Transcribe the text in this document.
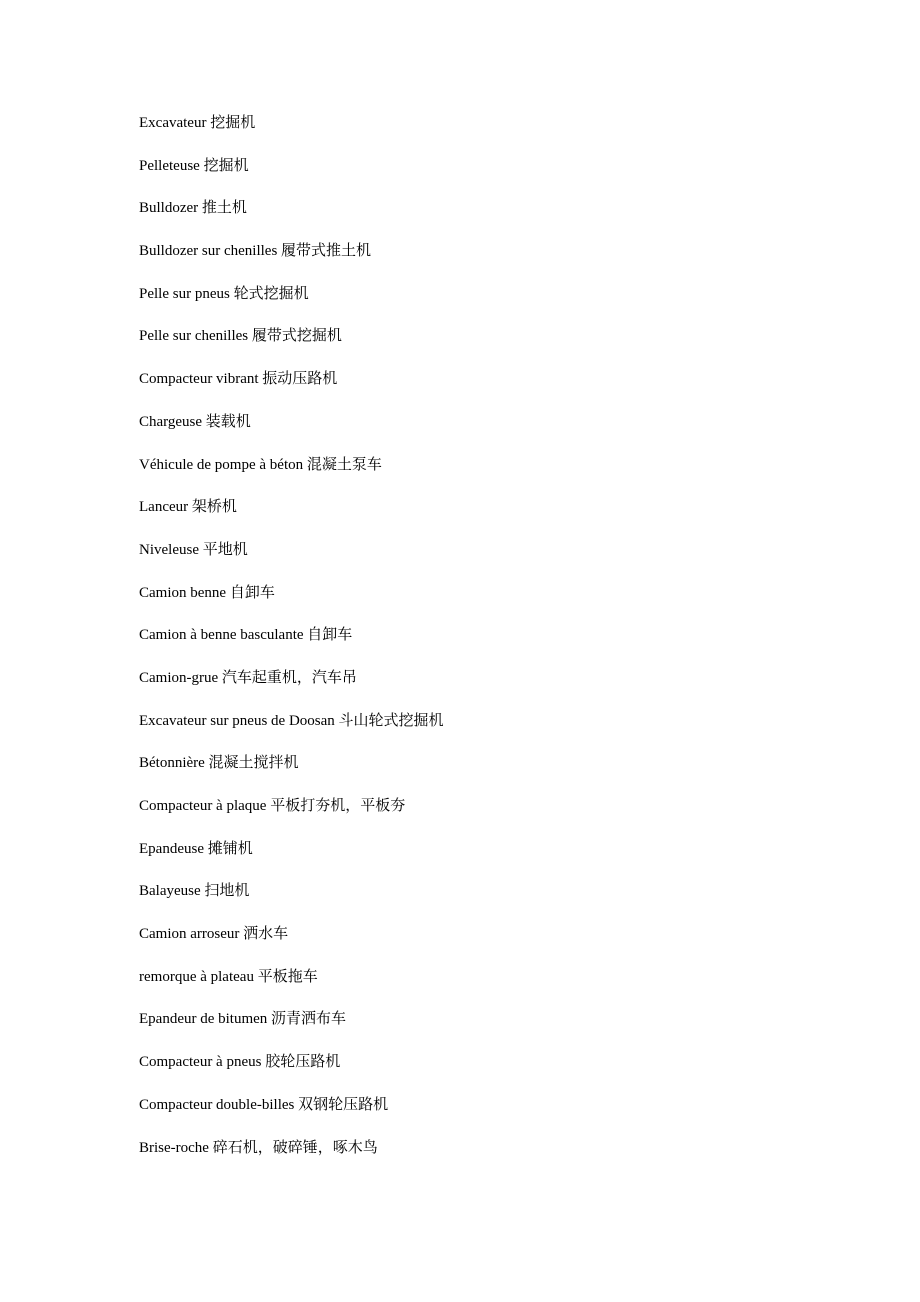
Excavateur 挖掘机
Pelleteuse 挖掘机
Bulldozer 推土机
Bulldozer sur chenilles 履带式推土机
Pelle sur pneus 轮式挖掘机
Pelle sur chenilles 履带式挖掘机
Compacteur vibrant 振动压路机
Chargeuse 装载机
Véhicule de pompe à béton 混凝土泵车
Lanceur 架桥机
Niveleuse 平地机
Camion benne 自卸车
Camion à benne basculante 自卸车
Camion-grue 汽车起重机，汽车吊
Excavateur sur pneus de Doosan 斗山轮式挖掘机
Bétonnière 混凝土搅拌机
Compacteur à plaque 平板打夯机，平板夯
Epandeuse 摊铺机
Balayeuse 扫地机
Camion arroseur 洒水车
remorque à plateau 平板拖车
Epandeur de bitumen 沥青洒布车
Compacteur à pneus 胶轮压路机
Compacteur double-billes 双钢轮压路机
Brise-roche 碎石机，破碎锤，啄木鸟
